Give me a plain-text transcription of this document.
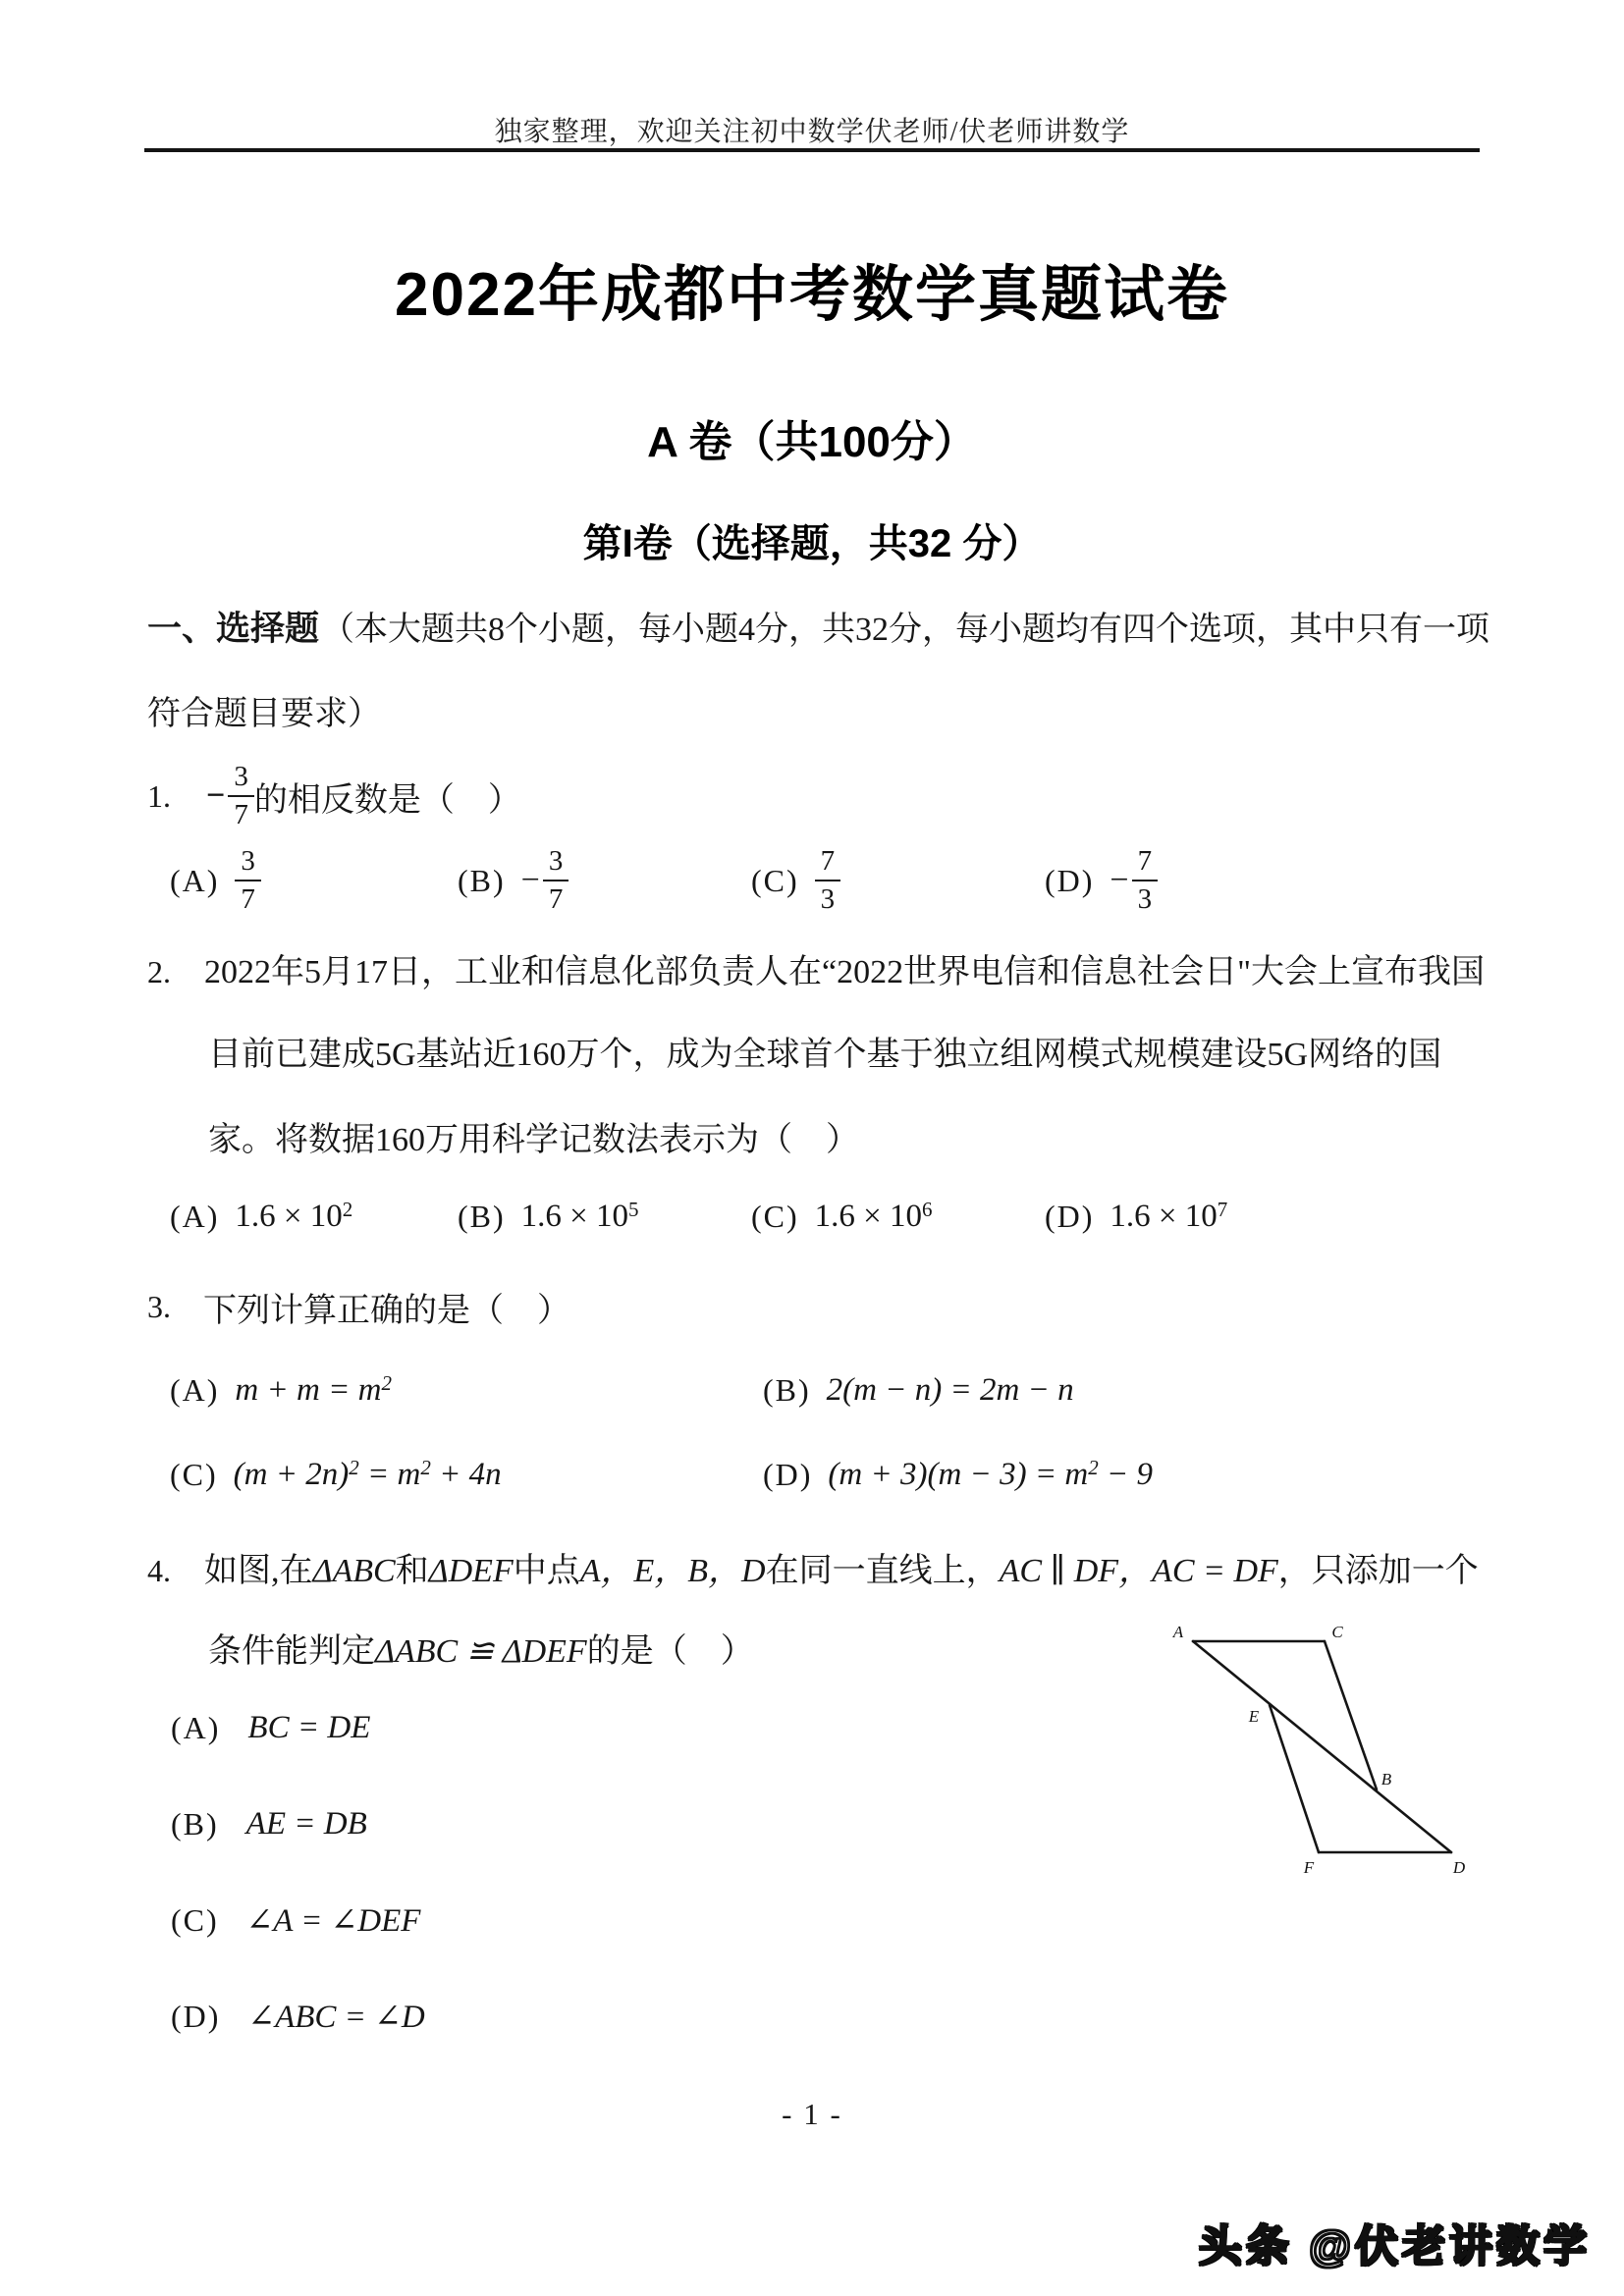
独家整理，欢迎关注初中数学伏老师/伏老师讲数学
2022年成都中考数学真题试卷
A 卷（共100分）
第I卷（选择题，共32 分）
一、选择题（本大题共8个小题，每小题4分，共32分，每小题均有四个选项，其中只有一项
符合题目要求）
1. − $\frac{3}{7}$ 的相反数是（　）
$(A) \frac{3}{7}$	$(B) - \frac{3}{7}$	$(C) \frac{7}{3}$	$(D) - \frac{7}{3}$
2. 2022年5月17日，工业和信息化部负责人在“2022世界电信和信息社会日"大会上宣布我国
目前已建成5G基站近160万个，成为全球首个基于独立组网模式规模建设5G网络的国
家。将数据160万用科学记数法表示为（　）
(A) $1.6 \times 10^2$	(B) $1.6 \times 10^5$	(C) $1.6 \times 10^6$	(D) $1.6 \times 10^7$
3. 下列计算正确的是（　）
(A) $m + m = m^2$	(B) 2(m − n) = 2m − n
(C) $(m + 2n)^2 = m^2 + 4n$	(D) $(m + 3)(m - 3) = m^2 - 9$
4. 如图,在ΔABC和ΔDEF中点A，E，B，D在同一直线上，AC ∥ DF，AC = DF，只添加一个
条件能判定ΔABC ≌ ΔDEF的是（　）
(A) BC = DE
(B) AE = DB
(C) ∠A = ∠DEF
(D) ∠ABC = ∠D
A	C
E
B
F	D
- 1 -
头条 @伏老讲数学
